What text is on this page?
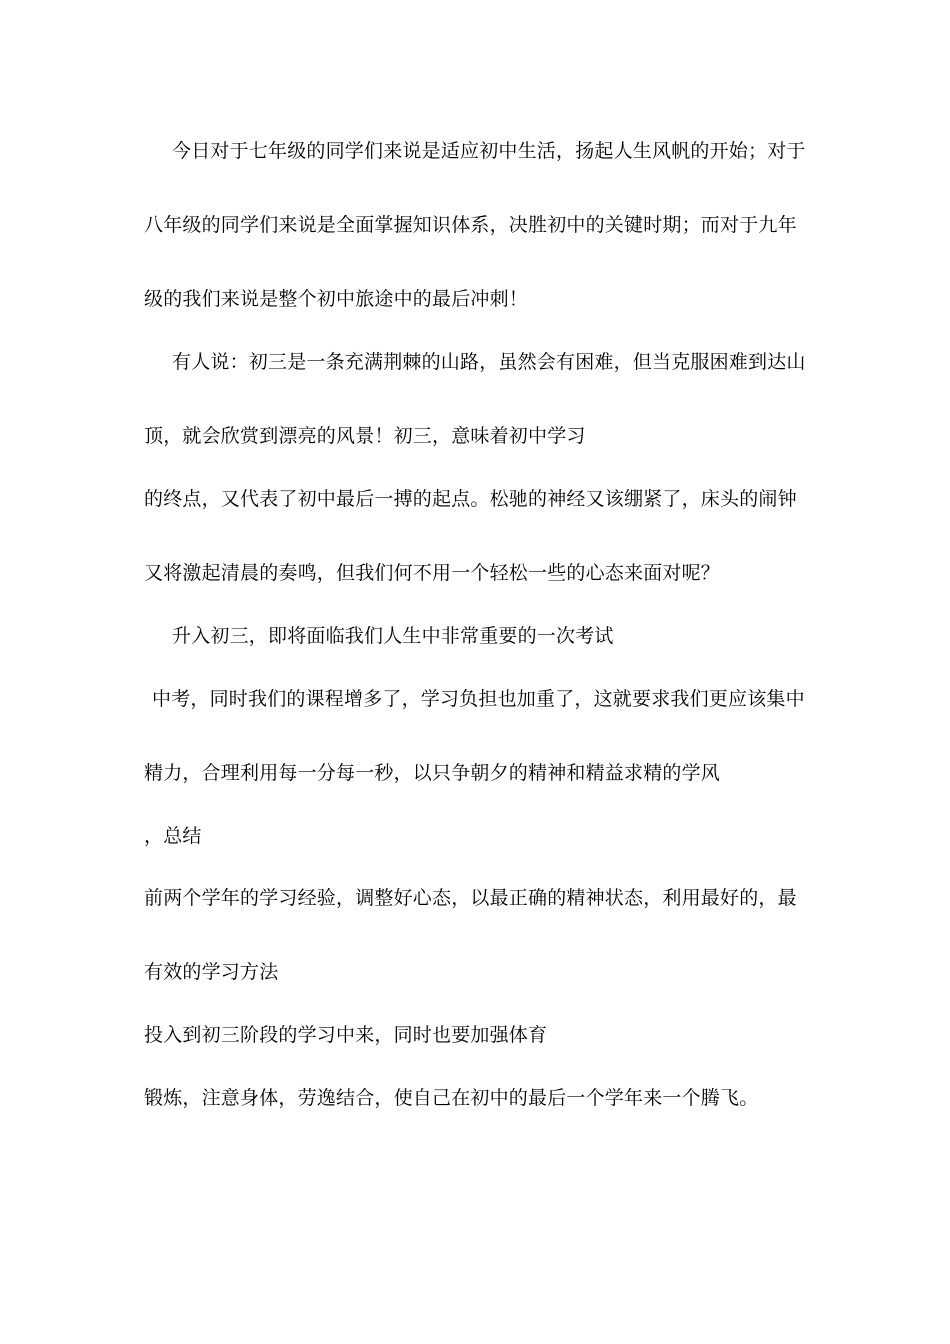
今日对于七年级的同学们来说是适应初中生活，扬起人生风帆的开始；对于
八年级的同学们来说是全面掌握知识体系，决胜初中的关键时期；而对于九年
级的我们来说是整个初中旅途中的最后冲刺！
有人说：初三是一条充满荆棘的山路，虽然会有困难，但当克服困难到达山
顶，就会欣赏到漂亮的风景！初三，意味着初中学习
的终点，又代表了初中最后一搏的起点。松驰的神经又该绷紧了，床头的闹钟
又将激起清晨的奏鸣，但我们何不用一个轻松一些的心态来面对呢？
升入初三，即将面临我们人生中非常重要的一次考试
中考，同时我们的课程增多了，学习负担也加重了，这就要求我们更应该集中
精力，合理利用每一分每一秒，以只争朝夕的精神和精益求精的学风
，总结
前两个学年的学习经验，调整好心态，以最正确的精神状态，利用最好的，最
有效的学习方法
投入到初三阶段的学习中来，同时也要加强体育
锻炼，注意身体，劳逸结合，使自己在初中的最后一个学年来一个腾飞。
